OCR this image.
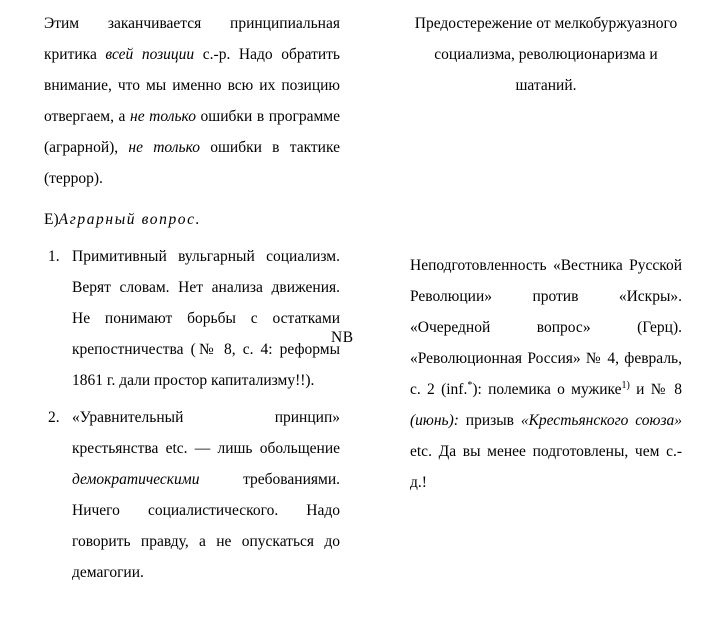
Этим заканчивается принципиальная критика всей позиции с.-р. Надо обратить внимание, что мы именно всю их позицию отвергаем, а не только ошибки в программе (аграрной), не только ошибки в тактике (террор).

Е)Аграрный вопрос.
1. Примитивный вульгарный социализм. Верят словам. Нет анализа движения. Не понимают борьбы с остатками крепостничества (№ 8, с. 4: реформы 1861 г. дали простор капитализму!!).
2. «Уравнительный принцип» крестьянства etc. — лишь обольщение демократическими требованиями. Ничего социалистического. Надо говорить правду, а не опускаться до демагогии.

Предостережение от мелкобуржуазного социализма, революционаризма и шатаний.

NB

Неподготовленность «Вестника Русской Революции» против «Искры». «Очередной вопрос» (Герц). «Революционная Россия» № 4, февраль, с. 2 (inf.*): полемика о мужике$^{1)}$ и № 8 (июнь): призыв «Крестьянского союза» etc. Да вы менее подготовлены, чем с.-д.!
